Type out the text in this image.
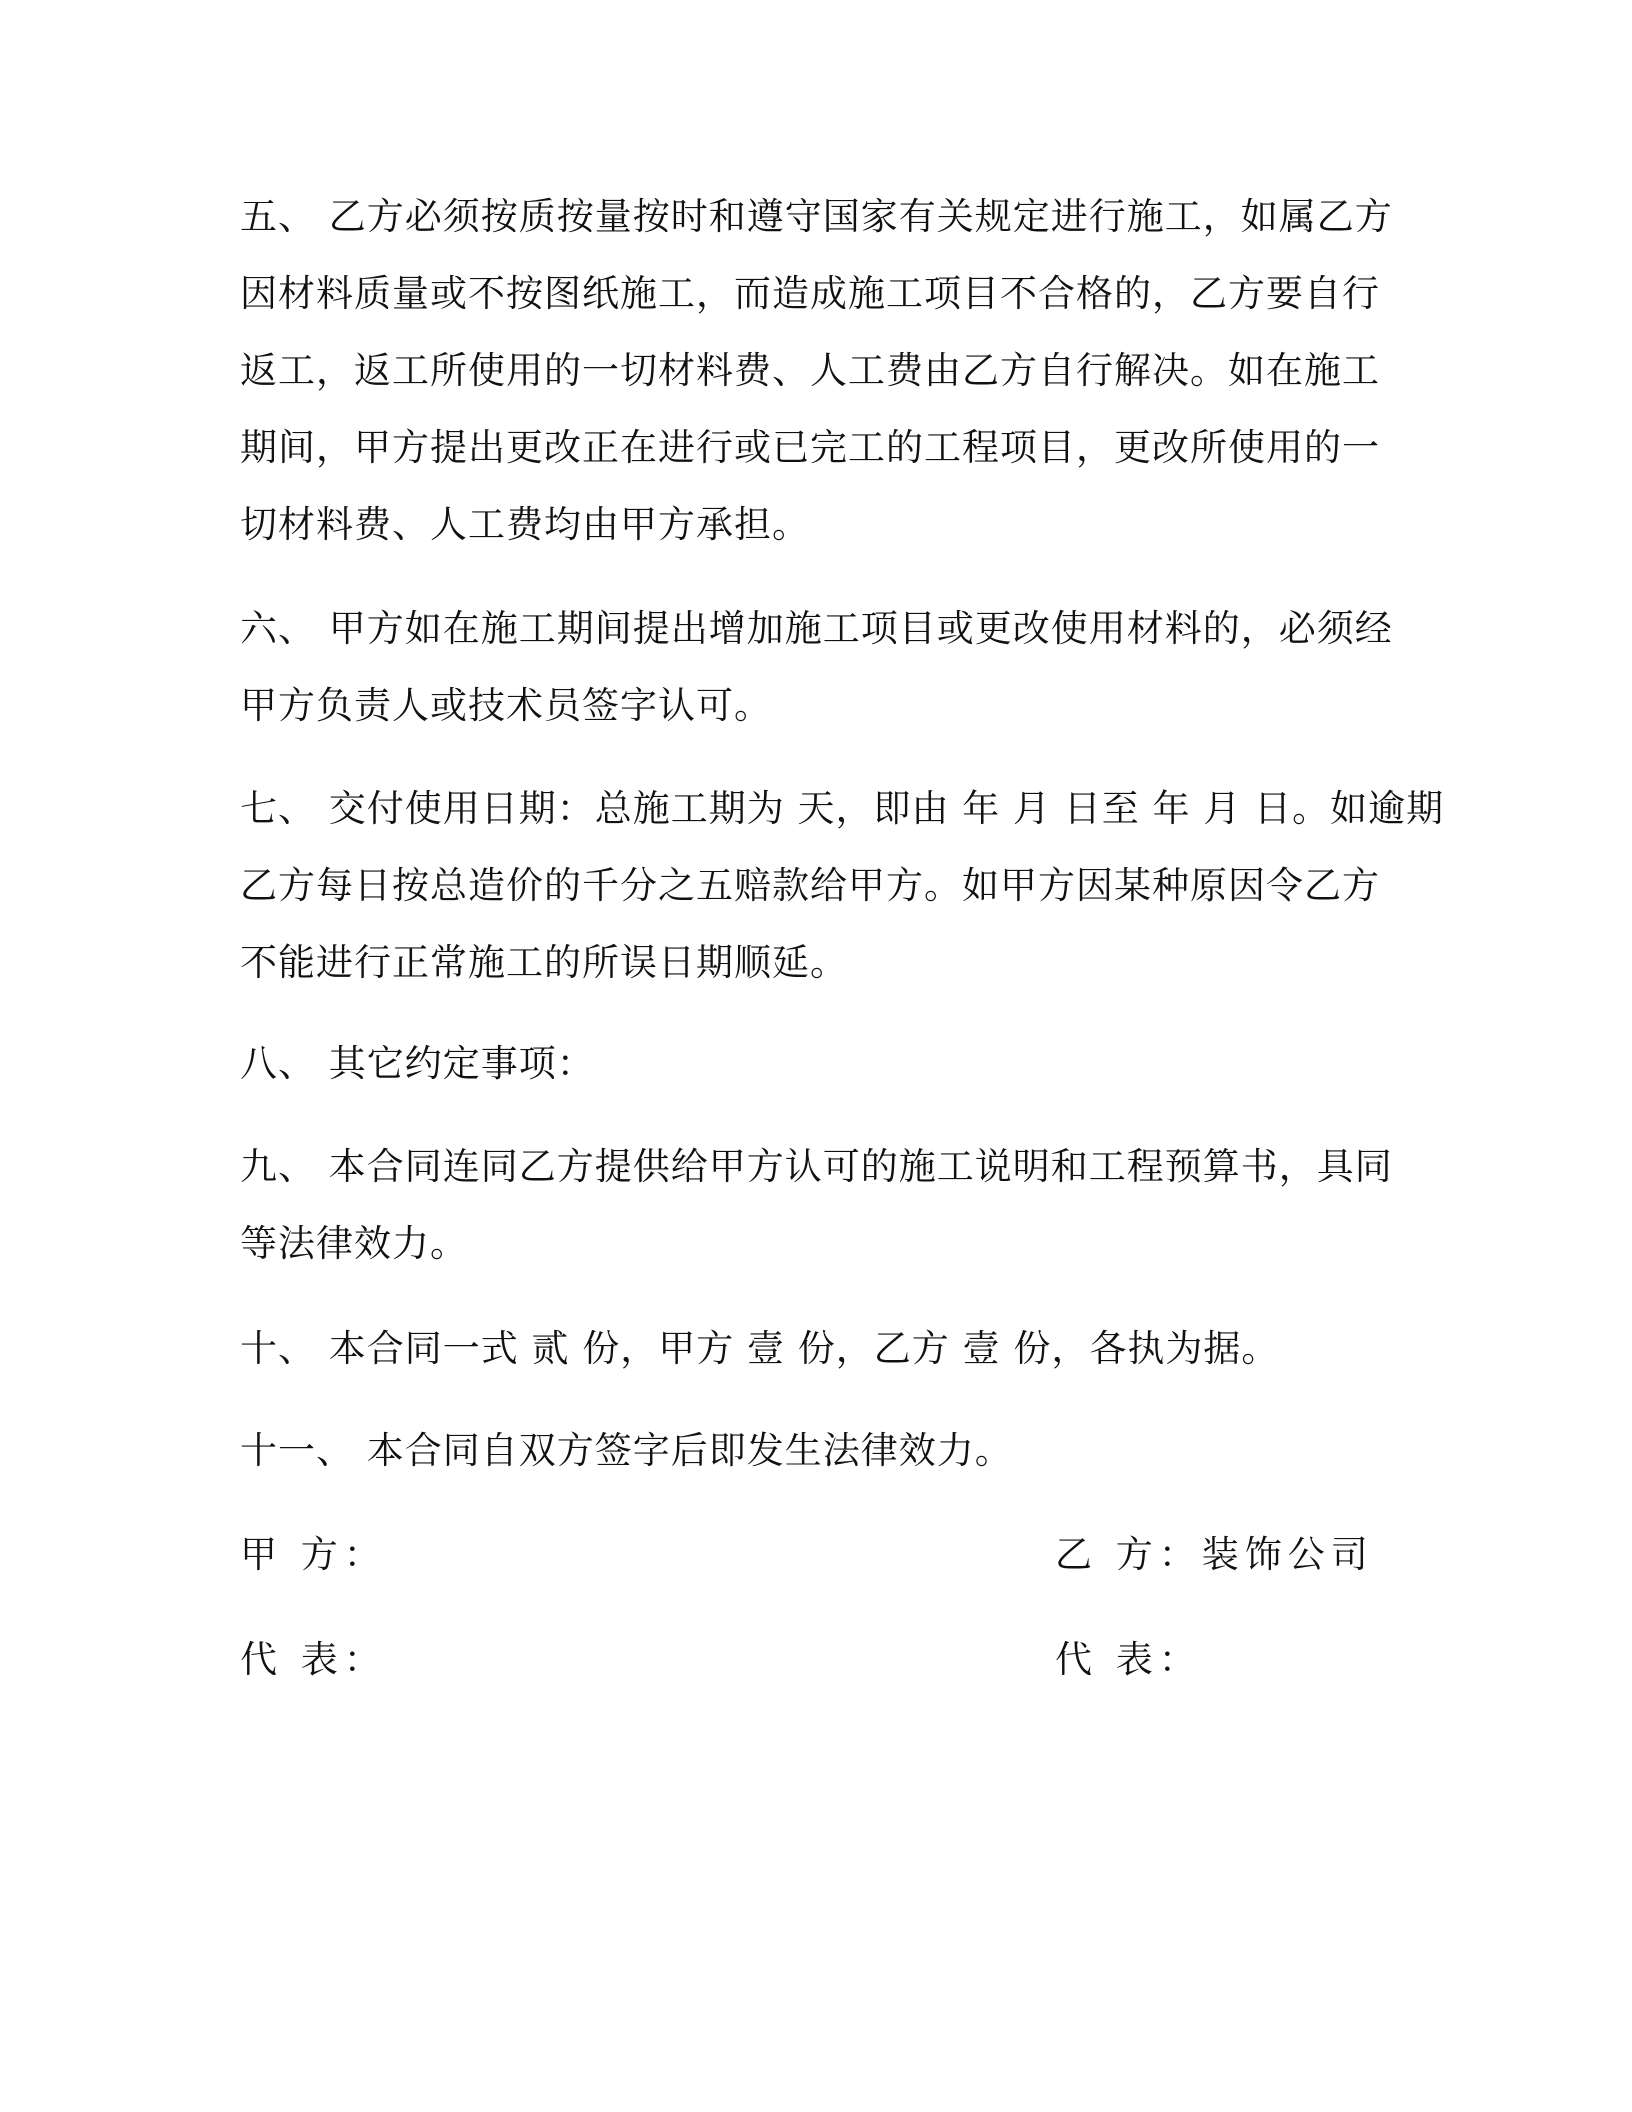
五、 乙方必须按质按量按时和遵守国家有关规定进行施工，如属乙方
因材料质量或不按图纸施工，而造成施工项目不合格的，乙方要自行
返工，返工所使用的一切材料费、人工费由乙方自行解决。如在施工
期间，甲方提出更改正在进行或已完工的工程项目，更改所使用的一
切材料费、人工费均由甲方承担。
六、 甲方如在施工期间提出增加施工项目或更改使用材料的，必须经
甲方负责人或技术员签字认可。
七、 交付使用日期：总施工期为 天，即由 年 月 日至 年 月 日。如逾期
乙方每日按总造价的千分之五赔款给甲方。如甲方因某种原因令乙方
不能进行正常施工的所误日期顺延。
八、 其它约定事项：
九、 本合同连同乙方提供给甲方认可的施工说明和工程预算书，具同
等法律效力。
十、 本合同一式 贰 份，甲方 壹 份，乙方 壹 份，各执为据。
十一、 本合同自双方签字后即发生法律效力。
甲 方：	乙 方：装饰公司
代 表：	代 表：
